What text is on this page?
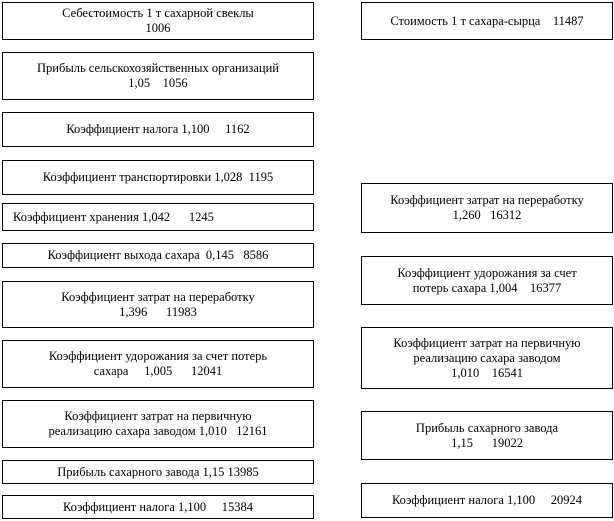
Себестоимость 1 т сахарной свеклы
1006
Прибыль сельскохозяйственных организаций
1,05    1056
Коэффициент налога 1,100     1162
Коэффициент транспортировки 1,028  1195
Коэффициент хранения 1,042      1245
Коэффициент выхода сахара  0,145   8586
Коэффициент затрат на переработку
1,396      11983
Коэффициент удорожания за счет потерь
сахара     1,005      12041
Коэффициент затрат на первичную
реализацию сахара заводом 1,010   12161
Прибыль сахарного завода 1,15 13985
Коэффициент налога 1,100     15384
Стоимость 1 т сахара-сырца    11487
Коэффициент затрат на переработку
1,260   16312
Коэффициент удорожания за счет
потерь сахара 1,004    16377
Коэффициент затрат на первичную
реализацию сахара заводом
1,010    16541
Прибыль сахарного завода
1,15      19022
Коэффициент налога 1,100     20924
